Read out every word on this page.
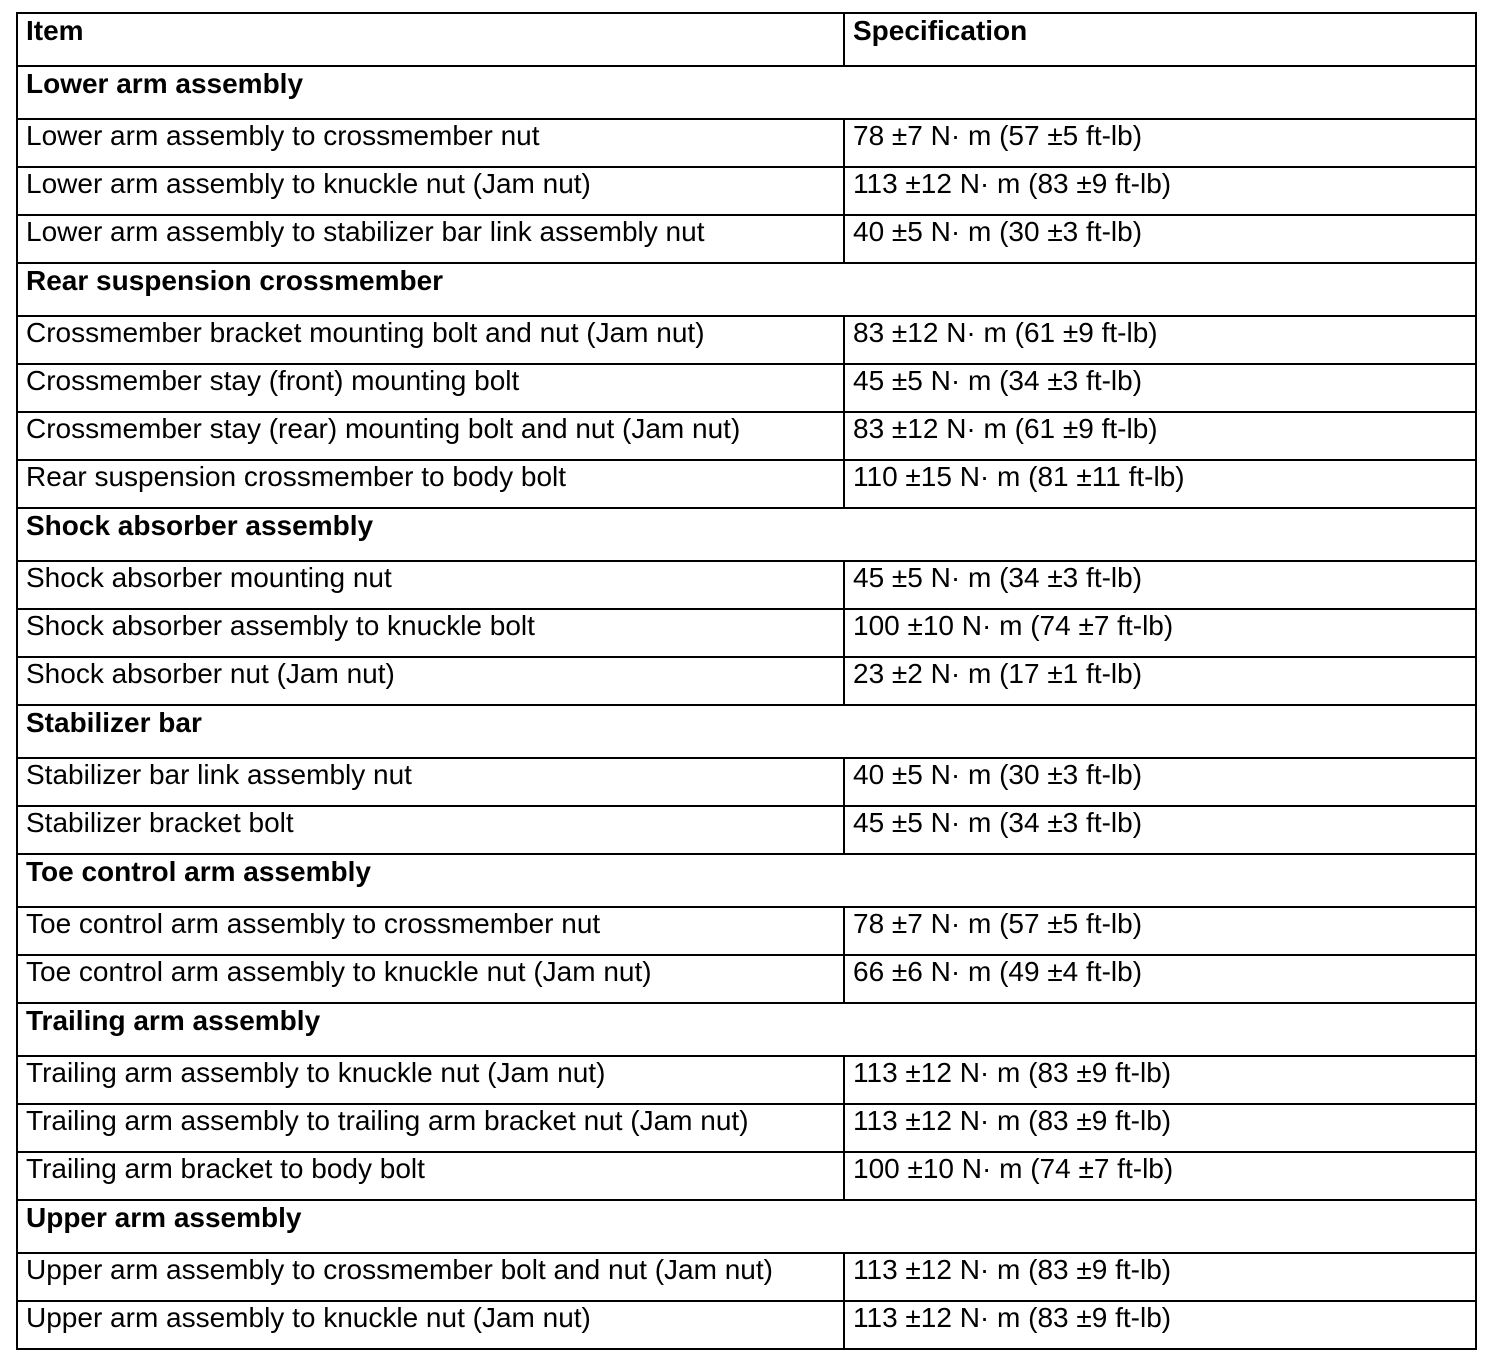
Item	Specification
Lower arm assembly	
Lower arm assembly to crossmember nut	78 ±7 N· m (57 ±5 ft-lb)
Lower arm assembly to knuckle nut (Jam nut)	113 ±12 N· m (83 ±9 ft-lb)
Lower arm assembly to stabilizer bar link assembly nut	40 ±5 N· m (30 ±3 ft-lb)
Rear suspension crossmember	
Crossmember bracket mounting bolt and nut (Jam nut)	83 ±12 N· m (61 ±9 ft-lb)
Crossmember stay (front) mounting bolt	45 ±5 N· m (34 ±3 ft-lb)
Crossmember stay (rear) mounting bolt and nut (Jam nut)	83 ±12 N· m (61 ±9 ft-lb)
Rear suspension crossmember to body bolt	110 ±15 N· m (81 ±11 ft-lb)
Shock absorber assembly	
Shock absorber mounting nut	45 ±5 N· m (34 ±3 ft-lb)
Shock absorber assembly to knuckle bolt	100 ±10 N· m (74 ±7 ft-lb)
Shock absorber nut (Jam nut)	23 ±2 N· m (17 ±1 ft-lb)
Stabilizer bar	
Stabilizer bar link assembly nut	40 ±5 N· m (30 ±3 ft-lb)
Stabilizer bracket bolt	45 ±5 N· m (34 ±3 ft-lb)
Toe control arm assembly	
Toe control arm assembly to crossmember nut	78 ±7 N· m (57 ±5 ft-lb)
Toe control arm assembly to knuckle nut (Jam nut)	66 ±6 N· m (49 ±4 ft-lb)
Trailing arm assembly	
Trailing arm assembly to knuckle nut (Jam nut)	113 ±12 N· m (83 ±9 ft-lb)
Trailing arm assembly to trailing arm bracket nut (Jam nut)	113 ±12 N· m (83 ±9 ft-lb)
Trailing arm bracket to body bolt	100 ±10 N· m (74 ±7 ft-lb)
Upper arm assembly	
Upper arm assembly to crossmember bolt and nut (Jam nut)	113 ±12 N· m (83 ±9 ft-lb)
Upper arm assembly to knuckle nut (Jam nut)	113 ±12 N· m (83 ±9 ft-lb)
